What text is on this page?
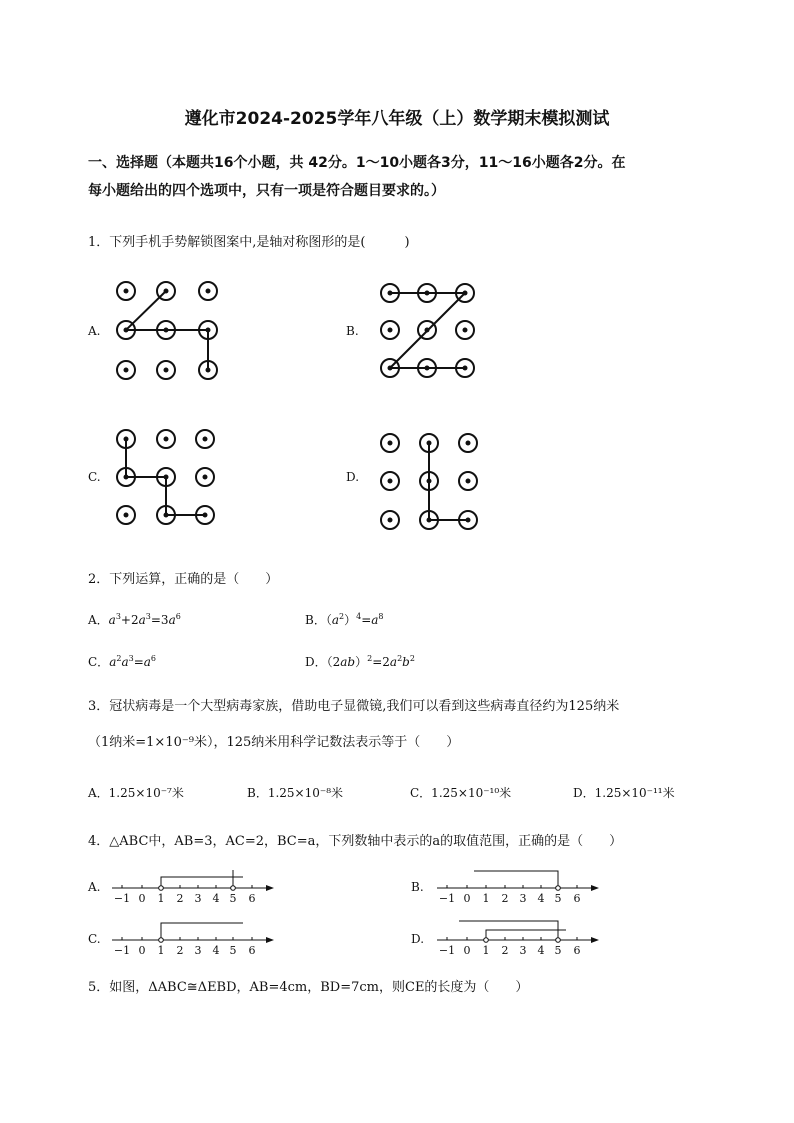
遵化市2024-2025学年八年级（上）数学期末模拟测试
一、选择题（本题共16个小题，共 42分。1～10小题各3分，11～16小题各2分。在
每小题给出的四个选项中，只有一项是符合题目要求的。）
1．下列手机手势解锁图案中,是轴对称图形的是(　　　)
A.	B.
C.	D.
2．下列运算，正确的是（　　）
A．$a^3+2a^3=3a^6$	B．$(a^2)^4=a^8$
C．$a^2a^3=a^6$	D．$(2ab)^2=2a^2b^2$
3．冠状病毒是一个大型病毒家族，借助电子显微镜,我们可以看到这些病毒直径约为125纳米
（1纳米=1×10⁻⁹米），125纳米用科学记数法表示等于（　　）
A．1.25×10⁻⁷米	B．1.25×10⁻⁸米	C．1.25×10⁻¹⁰米	D．1.25×10⁻¹¹米
4．△ABC中，AB=3，AC=2，BC=a，下列数轴中表示的a的取值范围，正确的是（　　）
A.	B.
C.	D.
−1 0 1 2 3 4 5 6	−1 0 1 2 3 4 5 6
−1 0 1 2 3 4 5 6	−1 0 1 2 3 4 5 6
5．如图，ΔABC≅ΔEBD，AB=4cm，BD=7cm，则CE的长度为（　　）
